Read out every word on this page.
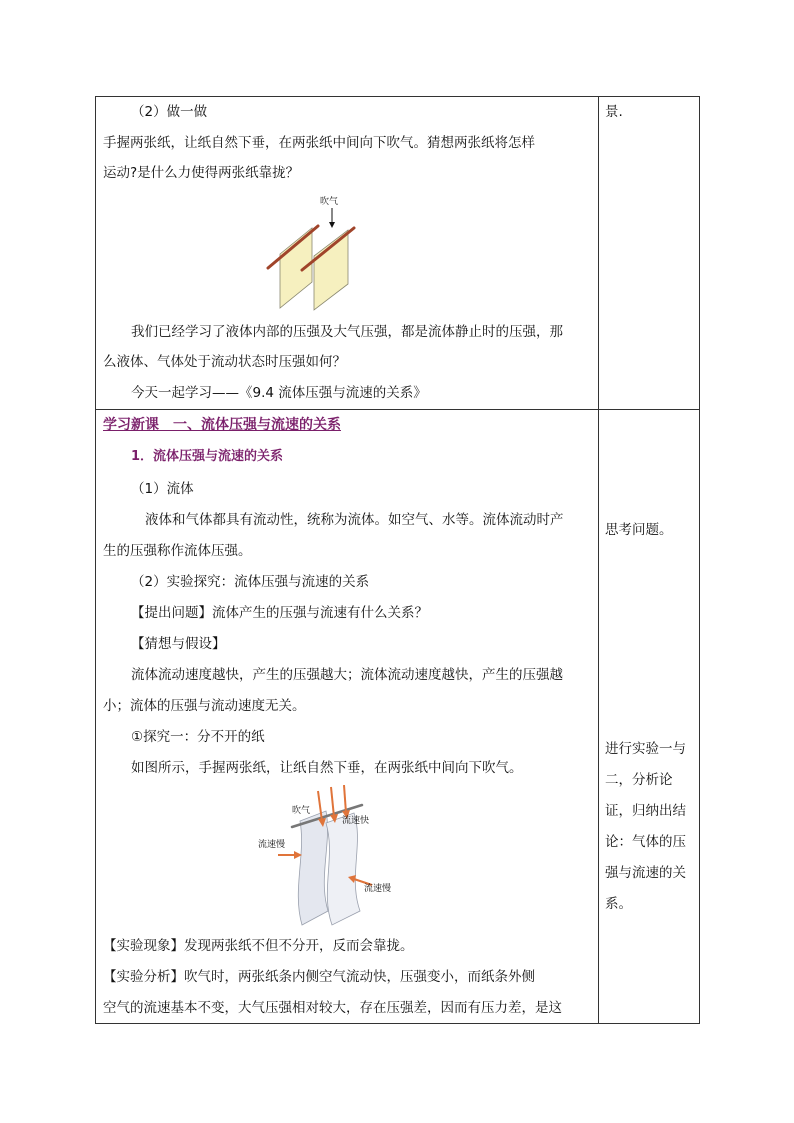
（2）做一做
手握两张纸，让纸自然下垂，在两张纸中间向下吹气。猜想两张纸将怎样
运动?是什么力使得两张纸靠拢？
吹气
我们已经学习了液体内部的压强及大气压强，都是流体静止时的压强，那
么液体、气体处于流动状态时压强如何？
今天一起学习——《9.4 流体压强与流速的关系》
景.
学习新课　一、流体压强与流速的关系
1．流体压强与流速的关系
（1）流体
液体和气体都具有流动性，统称为流体。如空气、水等。流体流动时产
生的压强称作流体压强。
（2）实验探究：流体压强与流速的关系
【提出问题】流体产生的压强与流速有什么关系？
【猜想与假设】
流体流动速度越快，产生的压强越大；流体流动速度越快，产生的压强越
小；流体的压强与流动速度无关。
①探究一：分不开的纸
如图所示，手握两张纸，让纸自然下垂，在两张纸中间向下吹气。
吹气
流速快
流速慢
流速慢
【实验现象】发现两张纸不但不分开，反而会靠拢。
【实验分析】吹气时，两张纸条内侧空气流动快，压强变小，而纸条外侧
空气的流速基本不变，大气压强相对较大，存在压强差，因而有压力差，是这
思考问题。
进行实验一与
二，分析论
证，归纳出结
论：气体的压
强与流速的关
系。
